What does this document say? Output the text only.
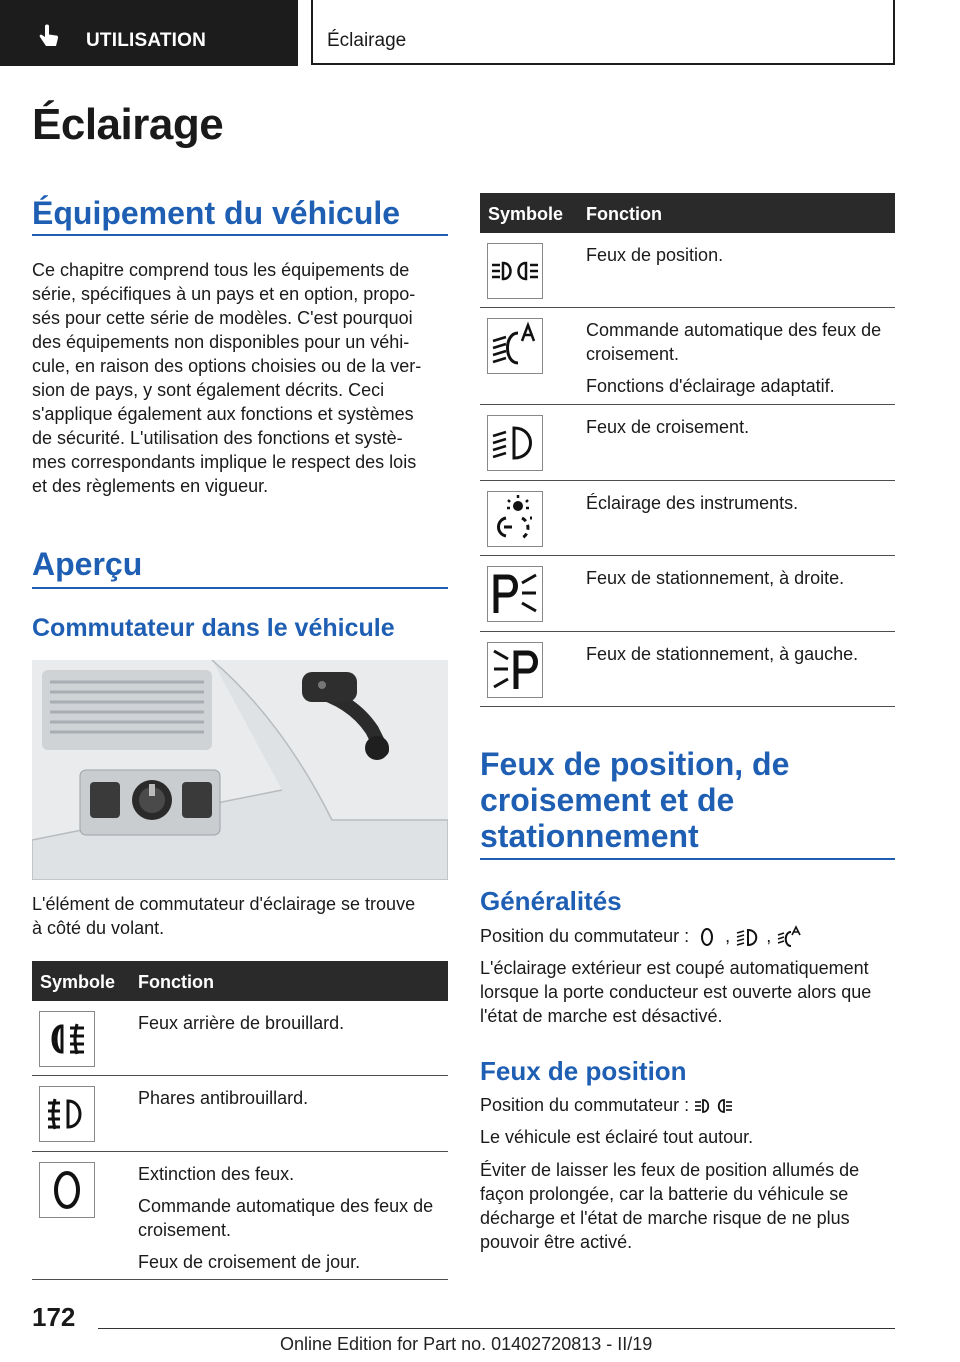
UTILISATION	Éclairage
Éclairage
Équipement du véhicule
Ce chapitre comprend tous les équipements de
série, spécifiques à un pays et en option, propo-
sés pour cette série de modèles. C'est pourquoi
des équipements non disponibles pour un véhi-
cule, en raison des options choisies ou de la ver-
sion de pays, y sont également décrits. Ceci
s'applique également aux fonctions et systèmes
de sécurité. L'utilisation des fonctions et systè-
mes correspondants implique le respect des lois
et des règlements en vigueur.
Aperçu
Commutateur dans le véhicule
L'élément de commutateur d'éclairage se trouve
à côté du volant.
Symbole Fonction

Feux arrière de brouillard.

Phares antibrouillard.

Extinction des feux.

Commande automatique des feux de croisement.

Feux de croisement de jour.

Symbole Fonction

Feux de position.

Commande automatique des feux de croisement.

Fonctions d'éclairage adaptatif.

Feux de croisement.

Éclairage des instruments.

Feux de stationnement, à droite.

Feux de stationnement, à gauche.

Feux de position, de
croisement et de
stationnement
Généralités
Position du commutateur : , ,
L'éclairage extérieur est coupé automatiquement
lorsque la porte conducteur est ouverte alors que
l'état de marche est désactivé.
Feux de position
Position du commutateur :
Le véhicule est éclairé tout autour.
Éviter de laisser les feux de position allumés de
façon prolongée, car la batterie du véhicule se
décharge et l'état de marche risque de ne plus
pouvoir être activé.
172
Online Edition for Part no. 01402720813 - II/19
